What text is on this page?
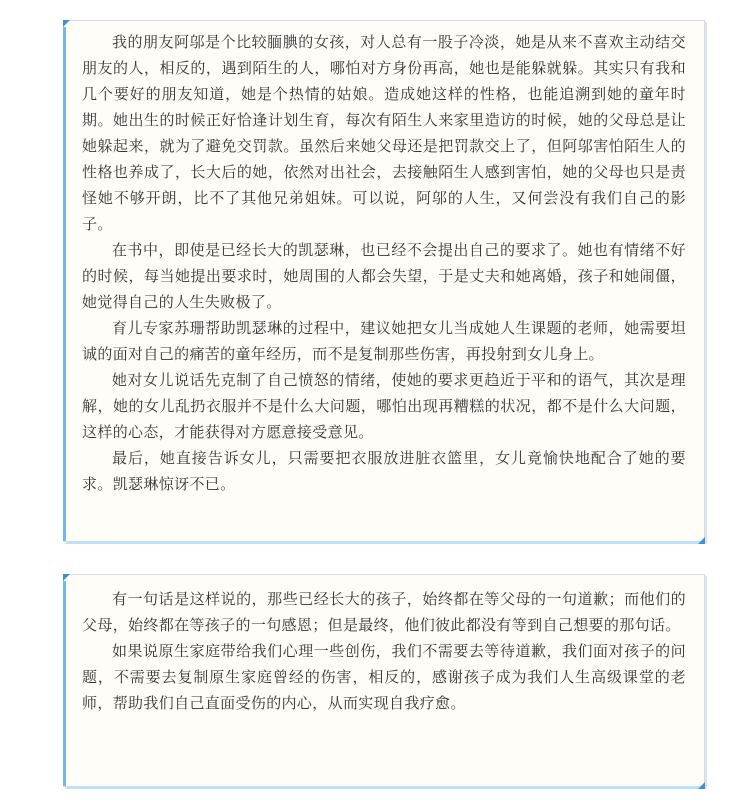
我的朋友阿邬是个比较腼腆的女孩，对人总有一股子冷淡，她是从来不喜欢主动结交朋友的人，相反的，遇到陌生的人，哪怕对方身份再高，她也是能躲就躲。其实只有我和几个要好的朋友知道，她是个热情的姑娘。造成她这样的性格，也能追溯到她的童年时期。她出生的时候正好恰逢计划生育，每次有陌生人来家里造访的时候，她的父母总是让她躲起来，就为了避免交罚款。虽然后来她父母还是把罚款交上了，但阿邬害怕陌生人的性格也养成了，长大后的她，依然对出社会，去接触陌生人感到害怕，她的父母也只是责怪她不够开朗，比不了其他兄弟姐妹。可以说，阿邬的人生，又何尝没有我们自己的影子。

在书中，即使是已经长大的凯瑟琳，也已经不会提出自己的要求了。她也有情绪不好的时候，每当她提出要求时，她周围的人都会失望，于是丈夫和她离婚，孩子和她闹僵，她觉得自己的人生失败极了。

育儿专家苏珊帮助凯瑟琳的过程中，建议她把女儿当成她人生课题的老师，她需要坦诚的面对自己的痛苦的童年经历，而不是复制那些伤害，再投射到女儿身上。

她对女儿说话先克制了自己愤怒的情绪，使她的要求更趋近于平和的语气，其次是理解，她的女儿乱扔衣服并不是什么大问题，哪怕出现再糟糕的状况，都不是什么大问题，这样的心态，才能获得对方愿意接受意见。

最后，她直接告诉女儿，只需要把衣服放进脏衣篮里，女儿竟愉快地配合了她的要求。凯瑟琳惊讶不已。

有一句话是这样说的，那些已经长大的孩子，始终都在等父母的一句道歉；而他们的父母，始终都在等孩子的一句感恩；但是最终，他们彼此都没有等到自己想要的那句话。

如果说原生家庭带给我们心理一些创伤，我们不需要去等待道歉，我们面对孩子的问题，不需要去复制原生家庭曾经的伤害，相反的，感谢孩子成为我们人生高级课堂的老师，帮助我们自己直面受伤的内心，从而实现自我疗愈。
